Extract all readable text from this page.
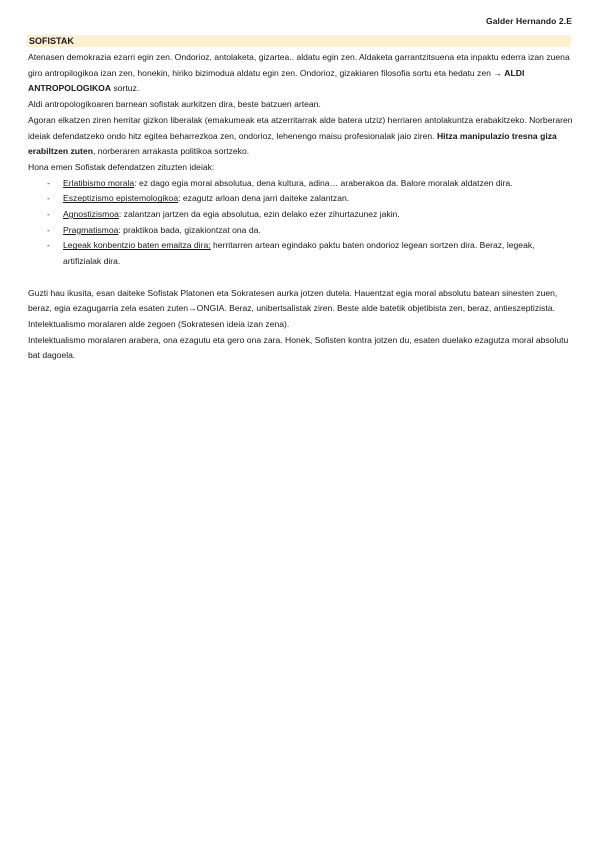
Galder Hernando 2.E
SOFISTAK

Atenasen demokrazia ezarri egin zen. Ondorioz, antolaketa, gizartea.. aldatu egin zen. Aldaketa garrantzitsuena eta inpaktu ederra izan zuena giro antropilogikoa izan zen, honekin, hiriko bizimodua aldatu egin zen. Ondorioz, gizakiaren filosofia sortu eta hedatu zen → ALDI ANTROPOLOGIKOA sortuz.

Aldi antropologikoaren barnean sofistak aurkitzen dira, beste batzuen artean.

Agoran elkatzen ziren herritar gizkon liberalak (emakumeak eta atzerritarrak alde batera utziz) herriaren antolakuntza erabakitzeko. Norberaren ideiak defendatzeko ondo hitz egitea beharrezkoa zen, ondorioz, lehenengo maisu profesionalak jaio ziren. Hitza manipulazio tresna giza erabiltzen zuten, norberaren arrakasta politikoa sortzeko.

Hona emen Sofistak defendatzen zituzten ideiak:

- Erlatibismo morala: ez dago egia moral absolutua, dena kultura, adina… araberakoa da. Balore moralak aldatzen dira.
- Eszeptizismo epistemologikoa: ezagutz arloan dena jarri daiteke zalantzan.
- Agnostizismoa: zalantzan jartzen da egia absolutua, ezin delako ezer zihurtazunez jakin.
- Pragmatismoa: praktikoa bada, gizakiontzat ona da.
- Legeak konbentzio baten emaitza dira; herritarren artean egindako paktu baten ondorioz legean sortzen dira. Beraz, legeak, artifizialak dira.

Guzti hau ikusita, esan daiteke Sofistak Platonen eta Sokratesen aurka jotzen dutela. Hauentzat egia moral absolutu batean sinesten zuen, beraz, egia ezagugarria zela esaten zuten→ONGIA. Beraz, unibertsalistak ziren. Beste alde batetik objetibista zen, beraz, antieszeptizista. Intelektualismo moralaren alde zegoen (Sokratesen ideia izan zena).

Intelektualismo moralaren arabera, ona ezagutu eta gero ona zara. Honek, Sofisten kontra jotzen du, esaten duelako ezagutza moral absolutu bat dagoela.
